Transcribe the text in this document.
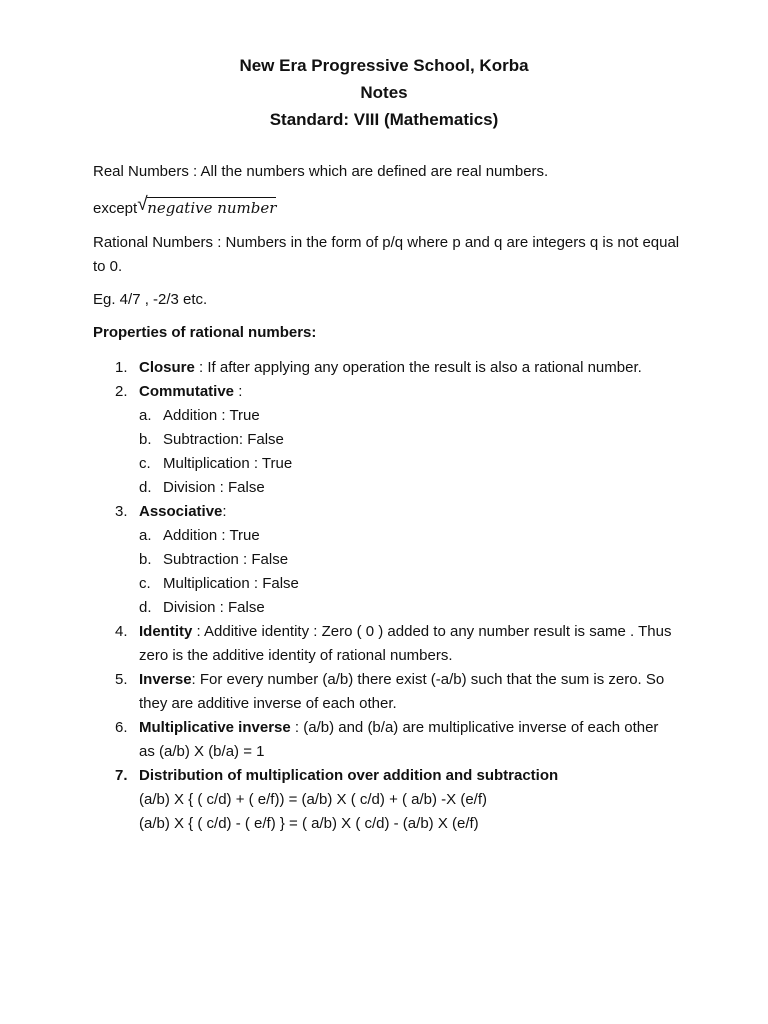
New Era Progressive School, Korba
Notes
Standard: VIII (Mathematics)

Real Numbers : All the numbers which are defined are real numbers.

except √ negative number

Rational Numbers : Numbers in the form of p/q where p and q are integers q is not equal to 0.

Eg. 4/7 , -2/3 etc.

Properties of rational numbers:

1. Closure : If after applying any operation the result is also a rational number.
2. Commutative :
a. Addition : True
b. Subtraction: False
c. Multiplication : True
d. Division : False
3. Associative:
a. Addition : True
b. Subtraction : False
c. Multiplication : False
d. Division : False
4. Identity : Additive identity : Zero ( 0 ) added to any number result is same . Thus zero is the additive identity of rational numbers.
5. Inverse: For every number (a/b) there exist (-a/b) such that the sum is zero. So they are additive inverse of each other.
6. Multiplicative inverse : (a/b) and (b/a) are multiplicative inverse of each other as (a/b) X (b/a) = 1
7. Distribution of multiplication over addition and subtraction
(a/b) X { ( c/d) + ( e/f)) = (a/b) X ( c/d) + ( a/b) -X (e/f)
(a/b) X { ( c/d) - ( e/f) } = ( a/b) X ( c/d) - (a/b) X (e/f)
